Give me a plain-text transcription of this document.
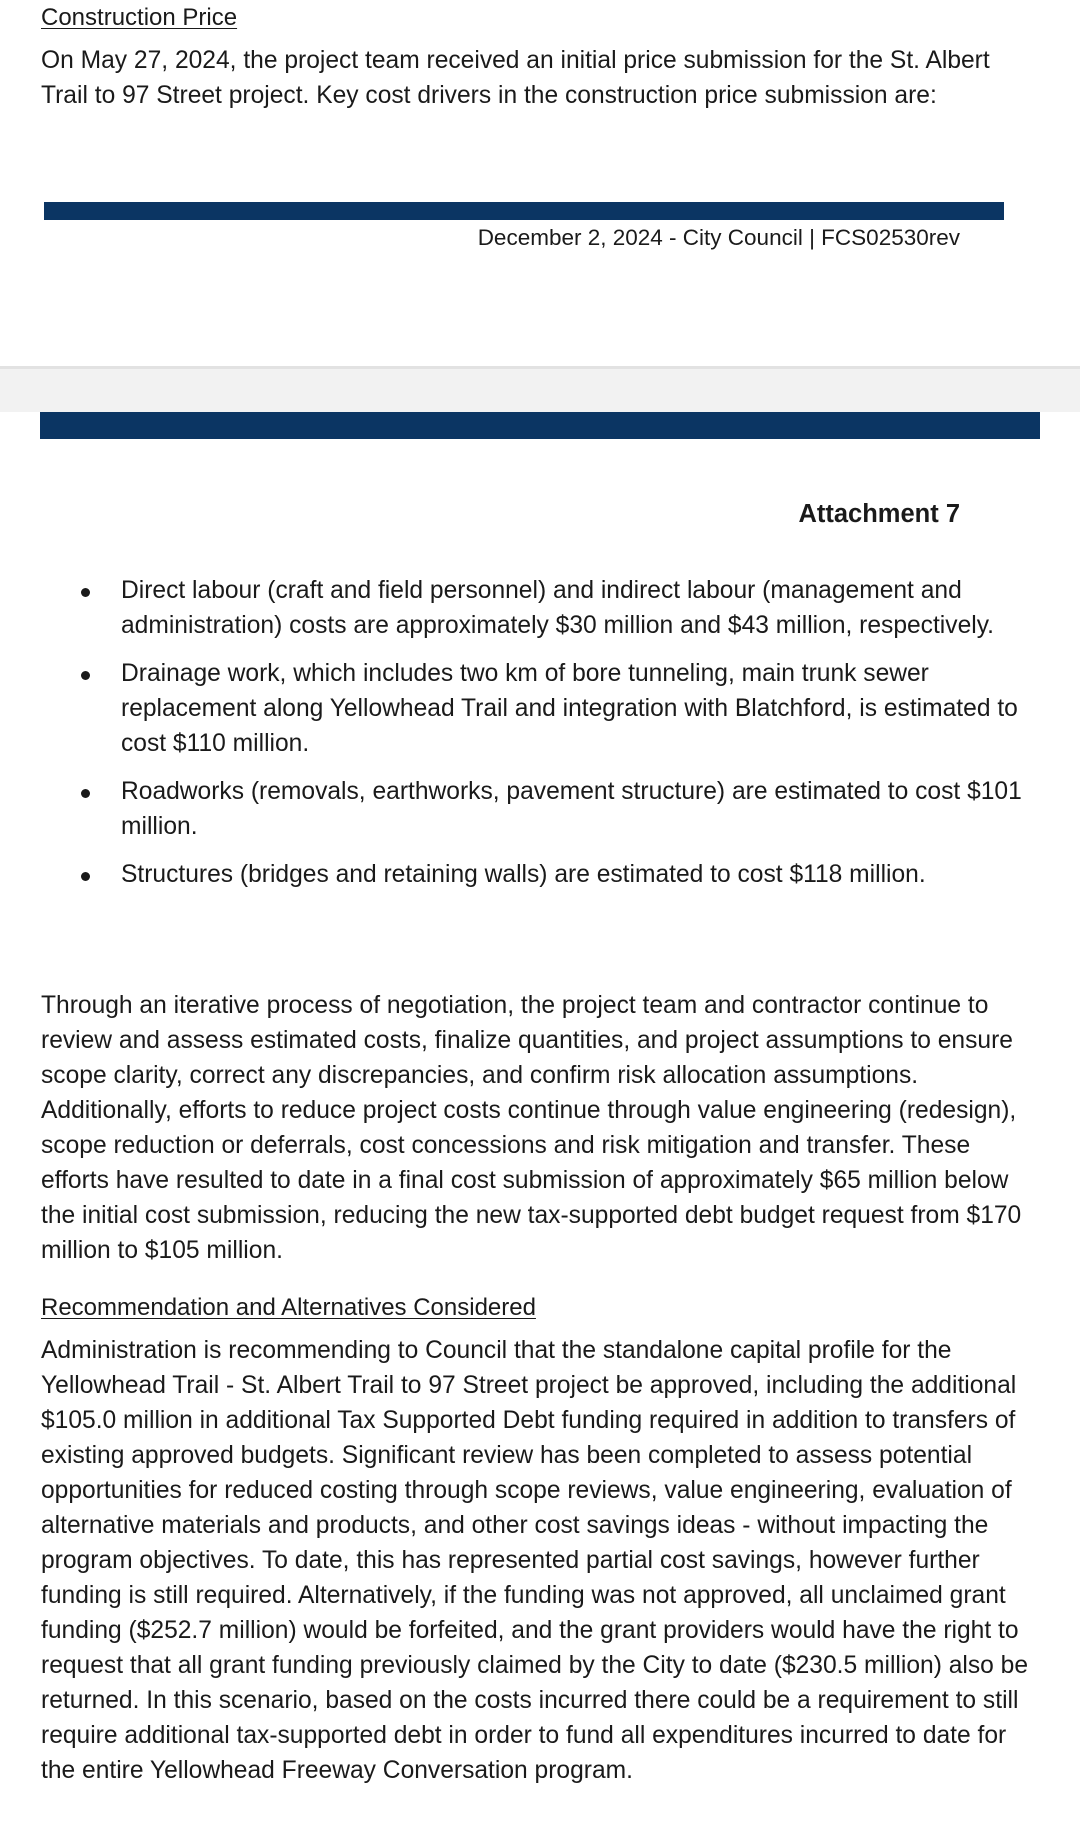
Construction Price

On May 27, 2024, the project team received an initial price submission for the St. Albert Trail to 97 Street project. Key cost drivers in the construction price submission are:

December 2, 2024 - City Council | FCS02530rev
Attachment 7
Direct labour (craft and field personnel) and indirect labour (management and administration) costs are approximately $30 million and $43 million, respectively.
Drainage work, which includes two km of bore tunneling, main trunk sewer replacement along Yellowhead Trail and integration with Blatchford, is estimated to cost $110 million.
Roadworks (removals, earthworks, pavement structure) are estimated to cost $101 million.
Structures (bridges and retaining walls) are estimated to cost $118 million.

Through an iterative process of negotiation, the project team and contractor continue to review and assess estimated costs, finalize quantities, and project assumptions to ensure scope clarity, correct any discrepancies, and confirm risk allocation assumptions. Additionally, efforts to reduce project costs continue through value engineering (redesign), scope reduction or deferrals, cost concessions and risk mitigation and transfer. These efforts have resulted to date in a final cost submission of approximately $65 million below the initial cost submission, reducing the new tax-supported debt budget request from $170 million to $105 million.

Recommendation and Alternatives Considered

Administration is recommending to Council that the standalone capital profile for the Yellowhead Trail - St. Albert Trail to 97 Street project be approved, including the additional $105.0 million in additional Tax Supported Debt funding required in addition to transfers of existing approved budgets. Significant review has been completed to assess potential opportunities for reduced costing through scope reviews, value engineering, evaluation of alternative materials and products, and other cost savings ideas - without impacting the program objectives. To date, this has represented partial cost savings, however further funding is still required. Alternatively, if the funding was not approved, all unclaimed grant funding ($252.7 million) would be forfeited, and the grant providers would have the right to request that all grant funding previously claimed by the City to date ($230.5 million) also be returned. In this scenario, based on the costs incurred there could be a requirement to still require additional tax-supported debt in order to fund all expenditures incurred to date for the entire Yellowhead Freeway Conversation program.
